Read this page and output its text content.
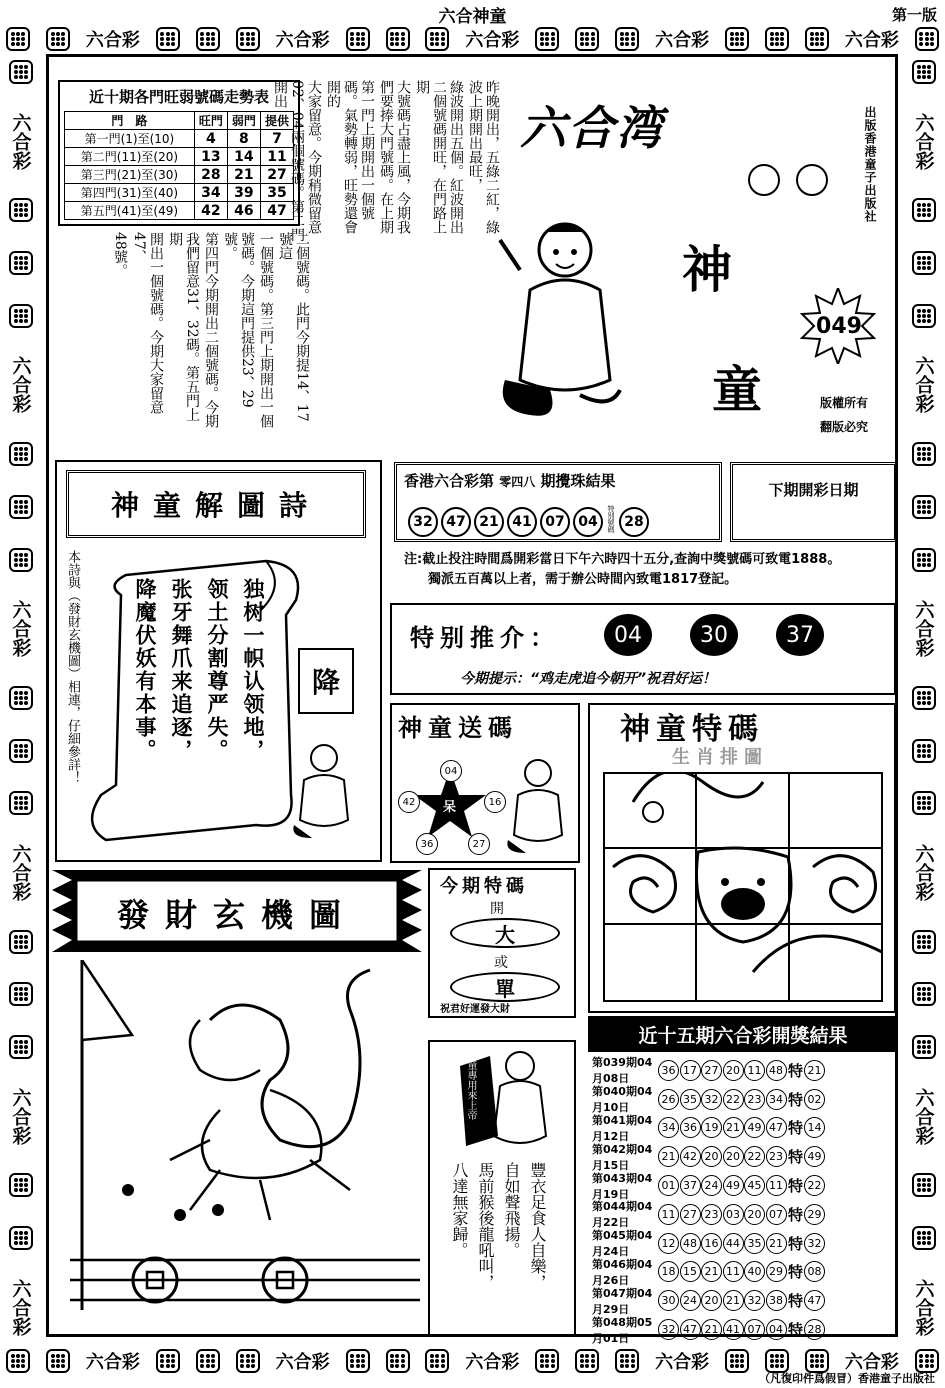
六合神童	第一版
六合彩	六合彩	六合彩	六合彩	六合彩
六合彩	六合彩	六合彩	六合彩	六合彩
六合彩
六合彩
六合彩
六合彩
六合彩
六合彩
六合彩
六合彩
六合彩
六合彩
六合彩
六合彩
近十期各門旺弱號碼走勢表
門　路	旺門	弱門	提供
第一門(1)至(10)	4	8	7
第二門(11)至(20)	13	14	11
第三門(21)至(30)	28	21	27
第四門(31)至(40)	34	39	35
第五門(41)至(49)	42	46	47	昨晚開出，五綠二紅，綠波上期開出最旺，
綠波開出五個。紅波開出二個號碼開旺，在門路上期
大號碼占盡上風，今期我們要捧大門號碼。在上期
第一門上期開出一個號碼。氣勢轉弱，旺勢還會開的
大家留意。今期稍微留意02、04兩個號碼。第二門開出
二個號碼。此門今期提14、17號這
一個號碼。第三門上期開出一個
號碼。今期這門提供23、29號。
第四門今期開出二個號碼。今期
我們留意31、32碼。第五門上期
開出一個號碼。今期大家留意47、
48號。
六合湾
神
童
出版香港童子出版社
049
版權所有
翻版必究
神童解圖詩
本詩與（發財玄機圖）相連，仔細參詳！	独树一帜认领地，
领土分割尊严失。
张牙舞爪来追逐，
降魔伏妖有本事。	降
香港六合彩第 零四八 期攪珠結果
32 47 21 41 07 04	特別號碼 28
下期開彩日期
注:截止投注時間爲開彩當日下午六時四十五分,查詢中獎號碼可致電1888。
獨派五百萬以上者，需于辦公時間內致電1817登記。
特别推介：	04	30	37
今期提示：“鸡走虎追今朝开”祝君好运！
神童送碼
呆
04
16
27
36
42
神童特碼
生肖排圖
發財玄機圖
今期特碼
開
大
或
單
祝君好運發大財
神童專用來上帝
豐衣足食人自樂，
自如聲飛揚。
馬前猴後龍吼叫，
八達無家歸。
近十五期六合彩開獎結果
第039期04月08日
36 17 27 20 11 48 特 21
第040期04月10日
26 35 32 22 23 34 特 02
第041期04月12日
34 36 19 21 49 47 特 14
第042期04月15日
21 42 20 20 22 23 特 49
第043期04月19日
01 37 24 49 45 11 特 22
第044期04月22日
11 27 23 03 20 07 特 29
第045期04月24日
12 48 16 44 35 21 特 32
第046期04月26日
18 15 21 11 40 29 特 08
第047期04月29日
30 24 20 21 32 38 特 47
第048期05月01日
32 47 21 41 07 04 特 28
（凡復印件爲假冒）香港童子出版社
